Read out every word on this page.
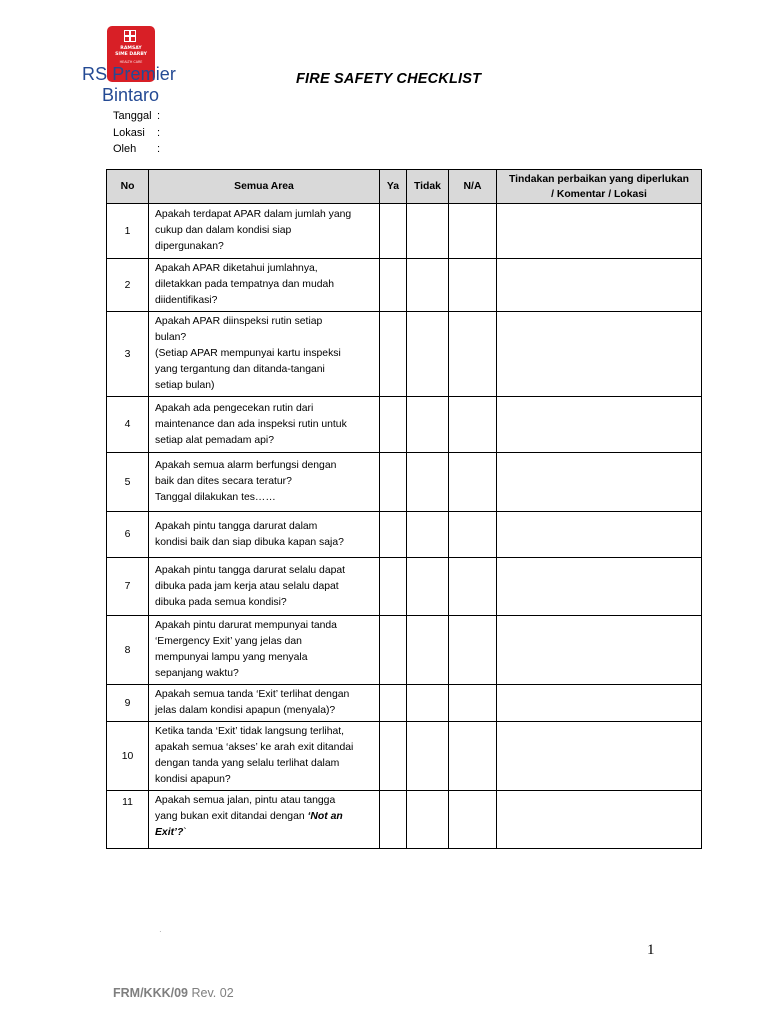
RAMSAY
SIME DARBY
HEALTH CARE
RS Premier
Bintaro
FIRE SAFETY CHECKLIST
Tanggal :
Lokasi :
Oleh :
No	Semua Area	Ya	Tidak	N/A	Tindakan perbaikan yang diperlukan
/ Komentar / Lokasi

1	Apakah terdapat APAR dalam jumlah yang
cukup dan dalam kondisi siap
dipergunakan?				

2	Apakah APAR diketahui jumlahnya,
diletakkan pada tempatnya dan mudah
diidentifikasi?				

3	Apakah APAR diinspeksi rutin setiap
bulan?
(Setiap APAR mempunyai kartu inspeksi
yang tergantung dan ditanda-tangani
setiap bulan)				

4	Apakah ada pengecekan rutin dari
maintenance dan ada inspeksi rutin untuk
setiap alat pemadam api?				

5	Apakah semua alarm berfungsi dengan
baik dan dites secara teratur?
Tanggal dilakukan tes……				

6	Apakah pintu tangga darurat dalam
kondisi baik dan siap dibuka kapan saja?				

7	Apakah pintu tangga darurat selalu dapat
dibuka pada jam kerja atau selalu dapat
dibuka pada semua kondisi?				

8	Apakah pintu darurat mempunyai tanda
‘Emergency Exit’ yang jelas dan
mempunyai lampu yang menyala
sepanjang waktu?				

9	Apakah semua tanda ‘Exit’ terlihat dengan
jelas dalam kondisi apapun (menyala)?				

10	Ketika tanda ‘Exit’ tidak langsung terlihat,
apakah semua ‘akses’ ke arah exit ditandai
dengan tanda yang selalu terlihat dalam
kondisi apapun?				

11	Apakah semua jalan, pintu atau tangga
yang bukan exit ditandai dengan ‘Not an
Exit’?`				

·
1
FRM/KKK/09 Rev. 02
